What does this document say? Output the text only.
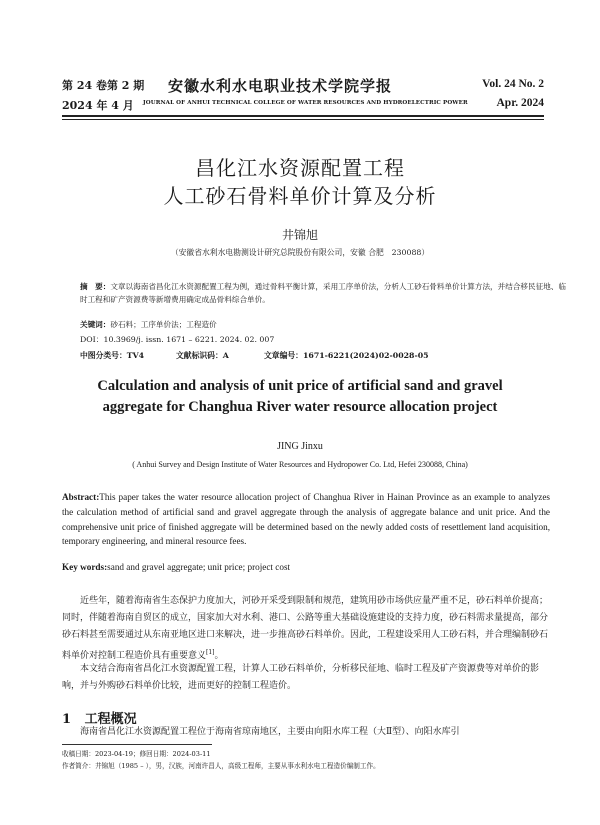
第 24 卷第 2 期
2024 年 4 月
安徽水利水电职业技术学院学报
JOURNAL OF ANHUI TECHNICAL COLLEGE OF WATER RESOURCES AND HYDROELECTRIC POWER
Vol. 24 No. 2
Apr. 2024
昌化江水资源配置工程
人工砂石骨料单价计算及分析
井锦旭
（安徽省水利水电勘测设计研究总院股份有限公司，安徽 合肥　230088）
摘　要：文章以海南省昌化江水资源配置工程为例，通过骨料平衡计算，采用工序单价法，分析人工砂石骨料单价计算方法，并结合移民征地、临时工程和矿产资源费等新增费用确定成品骨料综合单价。
关键词：砂石料；工序单价法；工程造价
DOI：10.3969/j. issn. 1671 – 6221. 2024. 02. 007
中图分类号：TV4	文献标识码：A	文章编号：1671-6221(2024)02-0028-05
Calculation and analysis of unit price of artificial sand and gravel
aggregate for Changhua River water resource allocation project
JING Jinxu
( Anhui Survey and Design Institute of Water Resources and Hydropower Co. Ltd, Hefei 230088, China)
Abstract:This paper takes the water resource allocation project of Changhua River in Hainan Province as an example to analyzes the calculation method of artificial sand and gravel aggregate through the analysis of aggregate balance and unit price. And the comprehensive unit price of finished aggregate will be determined based on the newly added costs of resettlement land acquisition, temporary engineering, and mineral resource fees.
Key words:sand and gravel aggregate; unit price; project cost
近些年，随着海南省生态保护力度加大，河砂开采受到限制和规范，建筑用砂市场供应量严重不足，砂石料单价提高；同时，伴随着海南自贸区的成立，国家加大对水利、港口、公路等重大基础设施建设的支持力度，砂石料需求量提高，部分砂石料甚至需要通过从东南亚地区进口来解决，进一步推高砂石料单价。因此，工程建设采用人工砂石料，并合理编制砂石料单价对控制工程造价具有重要意义[1]。
本文结合海南省昌化江水资源配置工程，计算人工砂石料单价，分析移民征地、临时工程及矿产资源费等对单价的影响，并与外购砂石料单价比较，进而更好的控制工程造价。
1 工程概况
海南省昌化江水资源配置工程位于海南省琼南地区，主要由向阳水库工程（大Ⅱ型）、向阳水库引
收稿日期：2023-04-19；修回日期：2024-03-11
作者简介：井锦旭（1985 – ），男，汉族，河南许昌人，高级工程师，主要从事水利水电工程造价编制工作。
